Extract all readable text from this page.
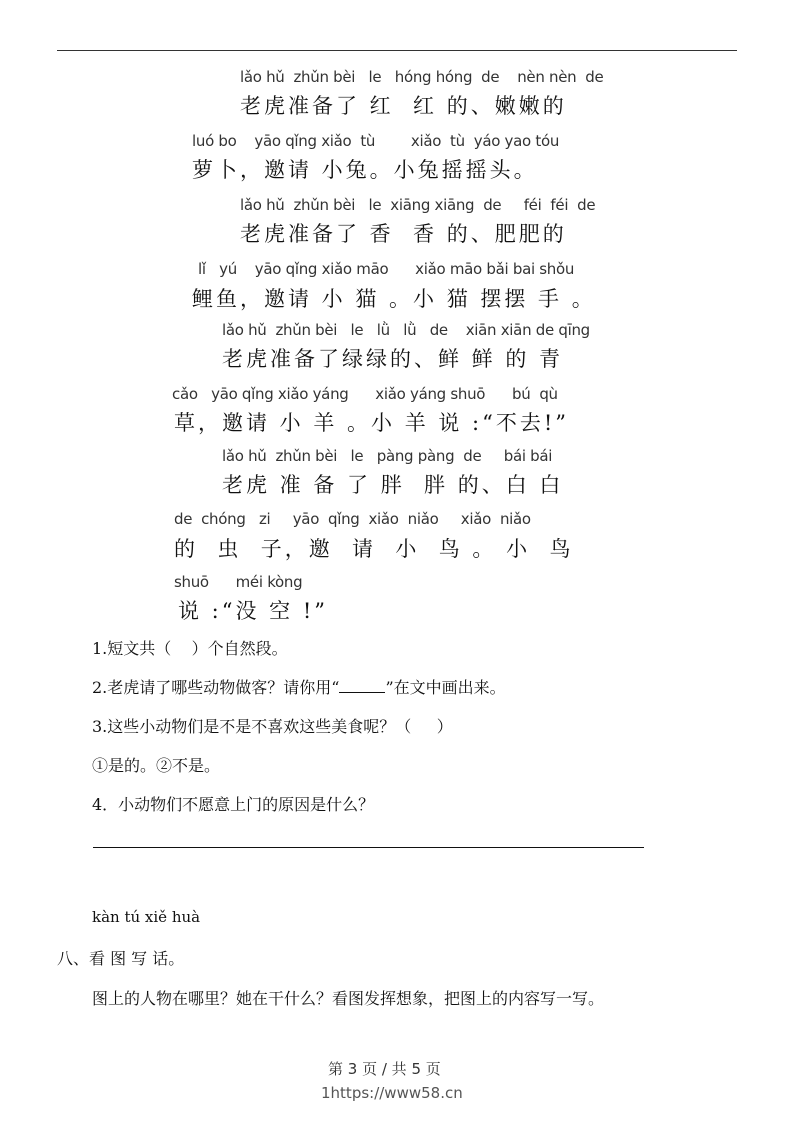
lǎo hǔ  zhǔn bèi   le   hóng hóng  de    nèn nèn  de
老虎准备了 红  红 的、嫩嫩的
luó bo    yāo qǐng xiǎo  tù        xiǎo  tù  yáo yao tóu
萝卜，邀请 小兔。小兔摇摇头。
lǎo hǔ  zhǔn bèi   le  xiāng xiāng  de     féi  féi  de
老虎准备了 香  香 的、肥肥的
lǐ   yú    yāo qǐng xiǎo māo      xiǎo māo bǎi bai shǒu
鲤鱼，邀请 小 猫 。小 猫 摆摆 手 。
lǎo hǔ  zhǔn bèi   le   lǜ   lǜ   de    xiān xiān de qīng
老虎准备了绿绿的、鲜 鲜 的 青
cǎo   yāo qǐng xiǎo yáng      xiǎo yáng shuō      bú  qù
草，邀请 小 羊 。小 羊 说 :“不去!”
lǎo hǔ  zhǔn bèi   le   pàng pàng  de     bái bái
老虎 准 备 了 胖  胖 的、白 白
de  chóng   zi     yāo  qǐng  xiǎo  niǎo     xiǎo  niǎo
的  虫  子，邀  请  小  鸟 。 小  鸟
shuō      méi kòng
说 :“没 空 !”
1.短文共（    ）个自然段。
2.老虎请了哪些动物做客？请你用“	”在文中画出来。
3.这些小动物们是不是不喜欢这些美食呢？（     ）
①是的。②不是。
4．小动物们不愿意上门的原因是什么？
kàn tú xiě huà
八、看 图 写 话。
图上的人物在哪里？她在干什么？看图发挥想象，把图上的内容写一写。
第 3 页 / 共 5 页
1https://www58.cn
